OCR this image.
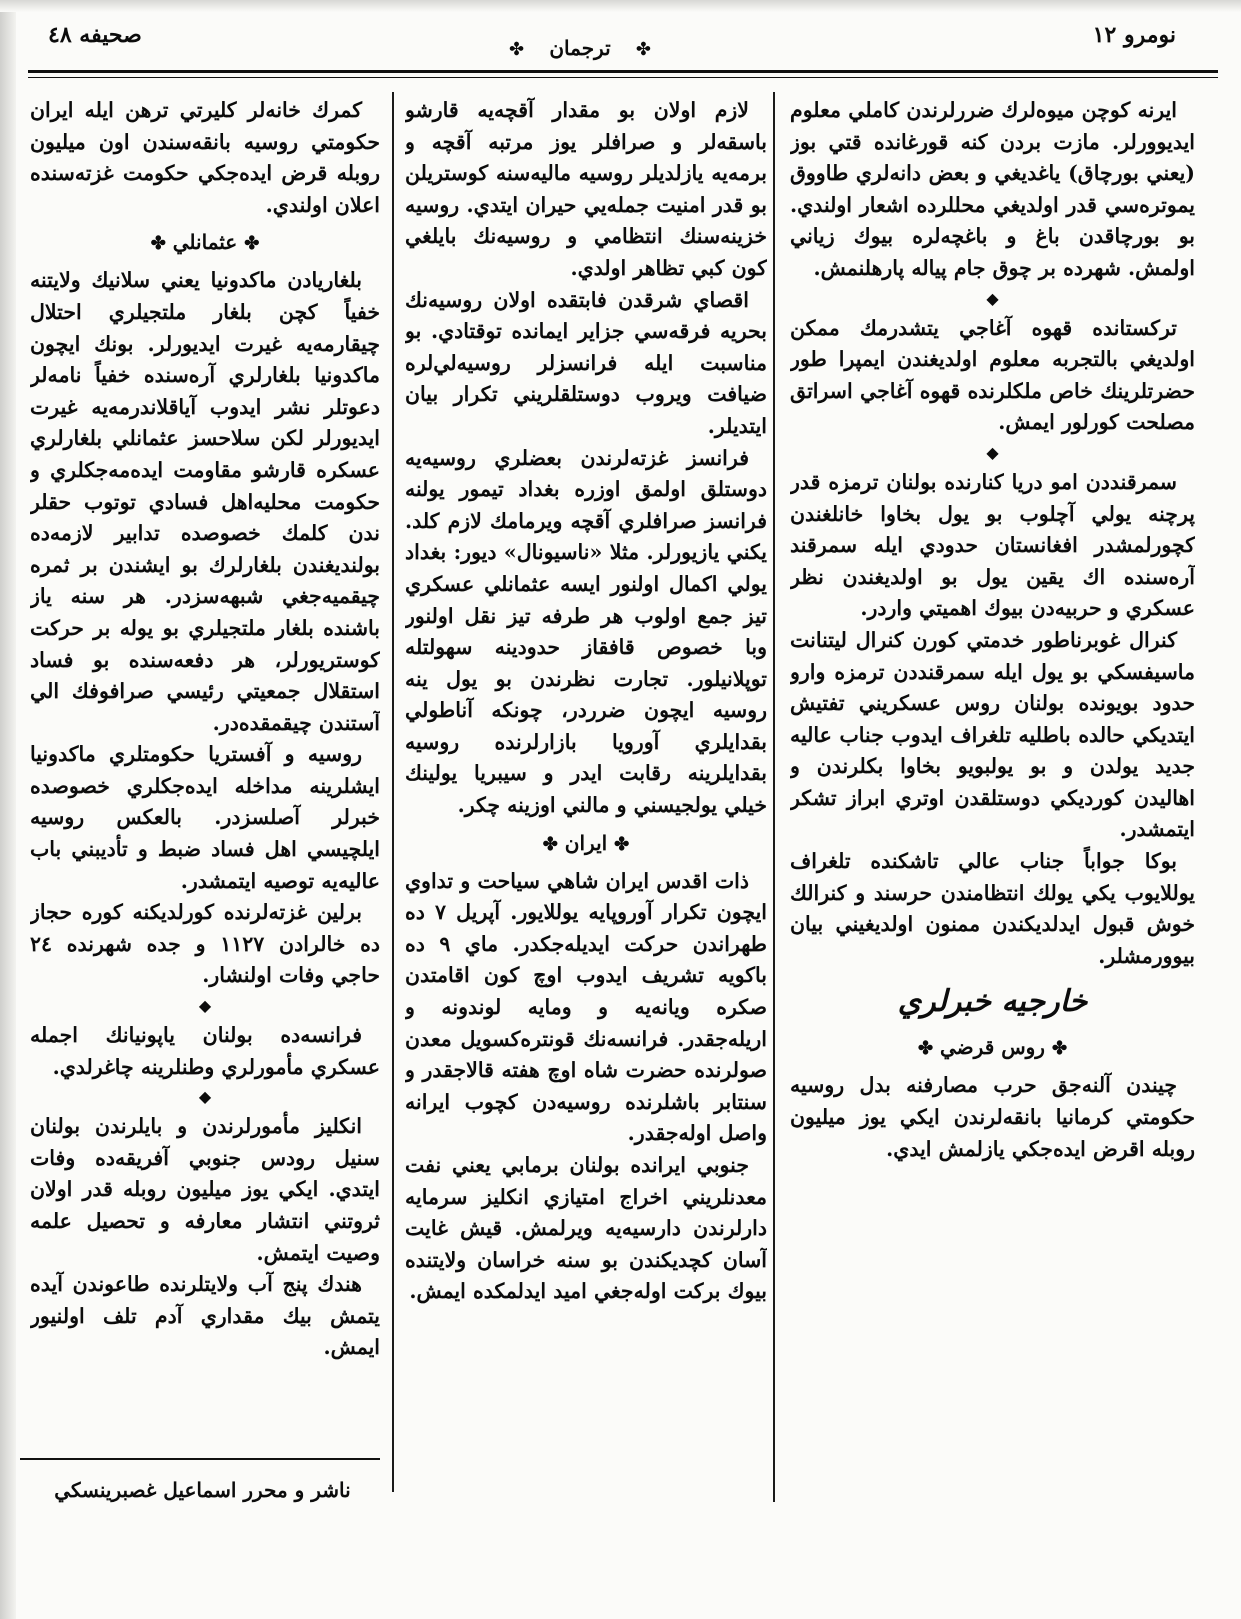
نومرو ١٢
صحيفه ٤٨
✤	ترجمان	✤

ايرنه كوچن ميوه‌لرك ضررلرندن كاملي معلوم ايديوورلر. مازت بردن كنه قورغانده قتي بوز (يعني بورچاق) ياغديغي و بعض دانه‌لري طاووق يموتره‌سي قدر اولديغي محللرده اشعار اولندي. بو بورچاقدن باغ و باغچه‌لره بيوك زياني اولمش. شهرده بر چوق جام پياله پارهلنمش.

◆

تركستانده قهوه آغاجي يتشدرمك ممكن اولديغي بالتجربه معلوم اولديغندن ايمپرا طور حضرتلرينك خاص ملكلرنده قهوه آغاجي اسراتق مصلحت كورلور ايمش.

◆

سمرقنددن امو دريا كنارنده بولنان ترمزه قدر پرچنه يولي آچلوب بو يول بخاوا خانلغندن كچورلمشدر افغانستان حدودي ايله سمرقند آره‌سنده اك يقين يول بو اولديغندن نظر عسكري و حربيه‌دن بيوك اهميتي واردر.

كنرال غوبرناطور خدمتي كورن كنرال ليتنانت ماسيفسكي بو يول ايله سمرقنددن ترمزه وارو حدود بويونده بولنان روس عسكريني تفتيش ايتديكي حالده باطليه تلغراف ايدوب جناب عاليه جديد يولدن و بو يولبويو بخاوا بكلرندن و اهاليدن كورديكي دوستلقدن اوتري ابراز تشكر ايتمشدر.

بوكا جواباً جناب عالي تاشكنده تلغراف يوللايوب يكي يولك انتظامندن حرسند و كنرالك خوش قبول ايدلديكندن ممنون اولديغيني بيان بيوورمشلر.

خارجيه خبرلري
✤ روس قرضي ✤

چيندن آلنه‌جق حرب مصارفنه بدل روسيه حكومتي كرمانيا بانقه‌لرندن ايكي يوز ميليون روبله اقرض ايده‌جكي يازلمش ايدي.

لازم اولان بو مقدار آقچه‌يه قارشو باسقه‌لر و صرافلر يوز مرتبه آقچه و برمه‌يه يازلديلر روسيه ماليه‌سنه كوستريلن بو قدر امنيت جمله‌يي حيران ايتدي. روسيه خزينه‌سنك انتظامي و روسيه‌نك بايلغي كون كبي تظاهر اولدي.

اقصاي شرقدن فابتقده اولان روسيه‌نك بحريه فرقه‌سي جزاير ايمانده توقتادي. بو مناسبت ايله فرانسزلر روسيه‌لي‌لره ضيافت ويروب دوستلقلريني تكرار بيان ايتديلر.

فرانسز غزته‌لرندن بعضلري روسيه‌يه دوستلق اولمق اوزره بغداد تيمور يولنه فرانسز صرافلري آقچه ويرمامك لازم كلد. يكني يازيورلر. مثلا «ناسيونال» ديور: بغداد يولي اكمال اولنور ايسه عثمانلي عسكري تيز جمع اولوب هر طرفه تيز نقل اولنور وبا خصوص قافقاز حدودينه سهولتله توپلانيلور. تجارت نظرندن بو يول ينه روسيه ايچون ضرردر، چونكه آناطولي بقدايلري آورويا بازارلرنده روسيه بقدايلرينه رقابت ايدر و سيبريا يولينك خيلي يولجيسني و مالني اوزينه چكر.

✤ ايران ✤

ذات اقدس ايران شاهي سياحت و تداوي ايچون تكرار آوروپايه يوللايور. آپريل ٧ ده طهراندن حركت ايديله‌جكدر. ماي ٩ ده باكويه تشريف ايدوب اوچ كون اقامتدن صكره ويانه‌يه و ومايه لوندونه و اريله‌جقدر. فرانسه‌نك قونتره‌كسويل معدن صولرنده حضرت شاه اوچ هفته قالاجقدر و سنتابر باشلرنده روسيه‌دن كچوب ايرانه واصل اوله‌جقدر.

جنوبي ايرانده بولنان برمابي يعني نفت معدنلريني اخراج امتيازي انكليز سرمايه دارلرندن دارسيه‌يه ويرلمش. قيش غايت آسان كچديكندن بو سنه خراسان ولايتنده بيوك بركت اوله‌جغي اميد ايدلمكده ايمش.

كمرك خانه‌لر كليرتي ترهن ايله ايران حكومتي روسيه بانقه‌سندن اون ميليون روبله قرض ايده‌جكي حكومت غزته‌سنده اعلان اولندي.

✤ عثمانلي ✤

بلغاريادن ماكدونيا يعني سلانيك ولايتنه خفياً كچن بلغار ملتجيلري احتلال چيقارمه‌يه غيرت ايديورلر. بونك ايچون ماكدونيا بلغارلري آره‌سنده خفياً نامه‌لر دعوتلر نشر ايدوب آياقلاندرمه‌يه غيرت ايديورلر لكن سلاحسز عثمانلي بلغارلري عسكره قارشو مقاومت ايده‌مه‌جكلري و حكومت محليه‌اهل فسادي توتوب حقلر ندن كلمك خصوصده تدابير لازمه‌ده بولنديغندن بلغارلرك بو ايشندن بر ثمره چيقميه‌جغي شبهه‌سزدر. هر سنه ياز باشنده بلغار ملتجيلري بو يوله بر حركت كوستريورلر، هر دفعه‌سنده بو فساد استقلال جمعيتي رئيسي صرافوفك الي آستندن چيقمقده‌در.

روسيه و آفستريا حكومتلري ماكدونيا ايشلرينه مداخله ايده‌جكلري خصوصده خبرلر آصلسزدر. بالعكس روسيه ايلچيسي اهل فساد ضبط و تأديبني باب عاليه‌يه توصيه ايتمشدر.

برلين غزته‌لرنده كورلديكنه كوره حجاز ده خالرادن ١١٢٧ و جده شهرنده ٢٤ حاجي وفات اولنشار.

◆

فرانسه‌ده بولنان ياپونيانك اجمله عسكري مأمورلري وطنلرينه چاغرلدي.

◆

انكليز مأمورلرندن و بايلرندن بولنان سنيل رودس جنوبي آفريقه‌ده وفات ايتدي. ايكي يوز ميليون روبله قدر اولان ثروتني انتشار معارفه و تحصيل علمه وصيت ايتمش.

هندك پنج آب ولايتلرنده طاعوندن آيده يتمش بيك مقداري آدم تلف اولنيور ايمش.

ناشر و محرر اسماعيل غصبرينسكي
